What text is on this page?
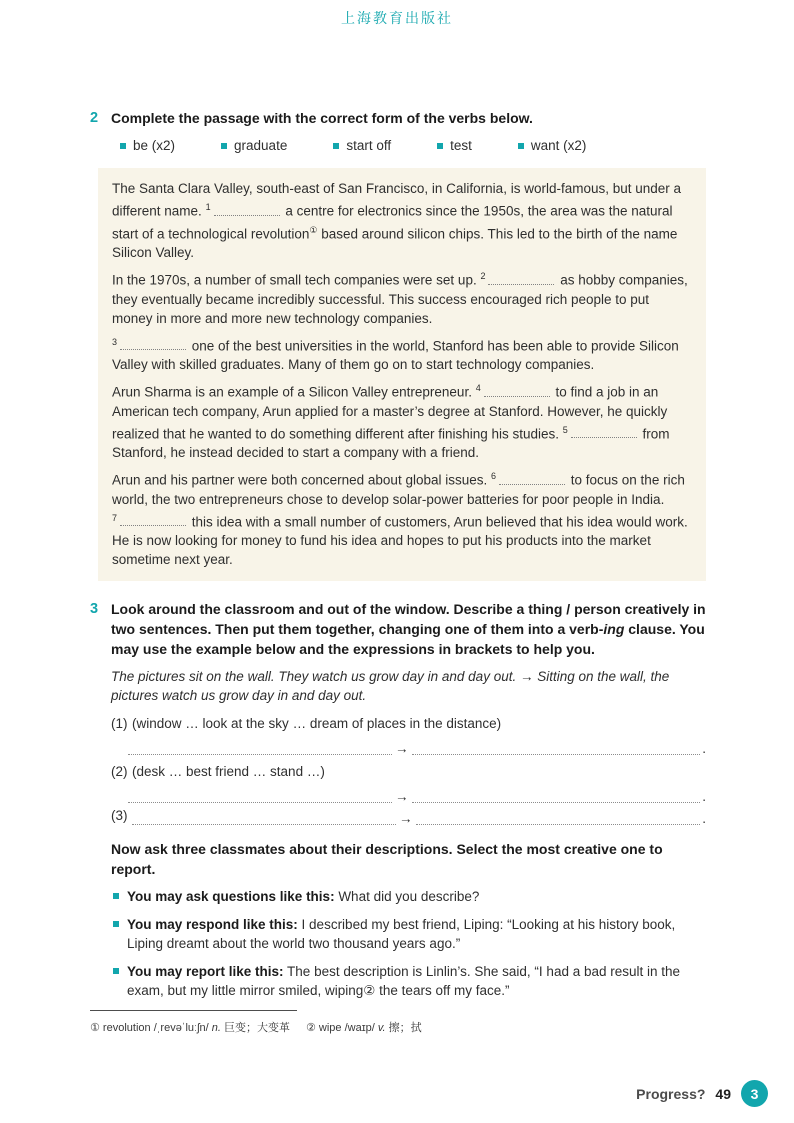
上海教育出版社
2 Complete the passage with the correct form of the verbs below.
be (x2)	graduate	start off	test	want (x2)

The Santa Clara Valley, south-east of San Francisco, in California, is world-famous, but under a different name. $^1$	a centre for electronics since the 1950s, the area was the natural start of a technological revolution① based around silicon chips. This led to the birth of the name Silicon Valley.

In the 1970s, a number of small tech companies were set up. $^2$	as hobby companies, they eventually became incredibly successful. This success encouraged rich people to put money in more and more new technology companies.

$^3$	one of the best universities in the world, Stanford has been able to provide Silicon Valley with skilled graduates. Many of them go on to start technology companies.

Arun Sharma is an example of a Silicon Valley entrepreneur. $^4$	to find a job in an American tech company, Arun applied for a master’s degree at Stanford. However, he quickly realized that he wanted to do something different after finishing his studies. $^5$	from Stanford, he instead decided to start a company with a friend.

Arun and his partner were both concerned about global issues. $^6$	to focus on the rich world, the two entrepreneurs chose to develop solar-power batteries for poor people in India. $^7$	this idea with a small number of customers, Arun believed that his idea would work. He is now looking for money to fund his idea and hopes to put his products into the market sometime next year.

3 Look around the classroom and out of the window. Describe a thing / person creatively in two sentences. Then put them together, changing one of them into a verb-ing clause. You may use the example below and the expressions in brackets to help you.

The pictures sit on the wall. They watch us grow day in and day out. → Sitting on the wall, the pictures watch us grow day in and day out.

(1) (window … look at the sky … dream of places in the distance)
→	.
(2) (desk … best friend … stand …)
→	.
(3)	→	.

Now ask three classmates about their descriptions. Select the most creative one to report.

You may ask questions like this: What did you describe?

You may respond like this: I described my best friend, Liping: “Looking at his history book, Liping dreamt about the world two thousand years ago.”

You may report like this: The best description is Linlin’s. She said, “I had a bad result in the exam, but my little mirror smiled, wiping② the tears off my face.”

① revolution /ˌrevəˈluːʃn/ n. 巨变；大变革 ② wipe /waɪp/ v. 擦；拭
Progress? 49	3
